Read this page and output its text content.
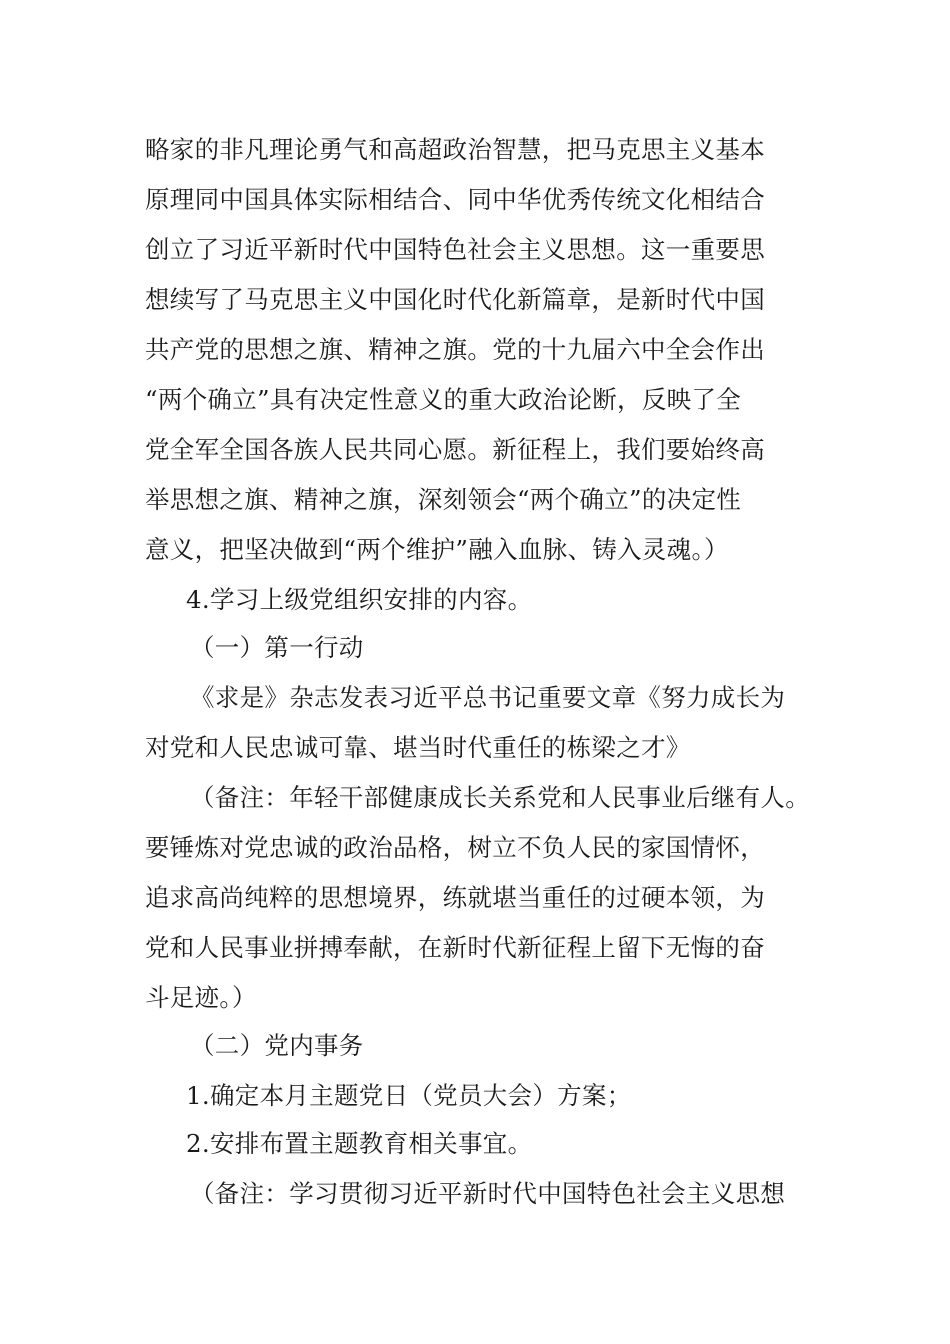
略家的非凡理论勇气和高超政治智慧，把马克思主义基本
原理同中国具体实际相结合、同中华优秀传统文化相结合
创立了习近平新时代中国特色社会主义思想。这一重要思
想续写了马克思主义中国化时代化新篇章，是新时代中国
共产党的思想之旗、精神之旗。党的十九届六中全会作出
“两个确立”具有决定性意义的重大政治论断，反映了全
党全军全国各族人民共同心愿。新征程上，我们要始终高
举思想之旗、精神之旗，深刻领会“两个确立”的决定性
意义，把坚决做到“两个维护”融入血脉、铸入灵魂。）
4.学习上级党组织安排的内容。
（一）第一行动
《求是》杂志发表习近平总书记重要文章《努力成长为
对党和人民忠诚可靠、堪当时代重任的栋梁之才》
（备注：年轻干部健康成长关系党和人民事业后继有人。
要锤炼对党忠诚的政治品格，树立不负人民的家国情怀，
追求高尚纯粹的思想境界，练就堪当重任的过硬本领，为
党和人民事业拼搏奉献，在新时代新征程上留下无悔的奋
斗足迹。）
（二）党内事务
1.确定本月主题党日（党员大会）方案；
2.安排布置主题教育相关事宜。
（备注：学习贯彻习近平新时代中国特色社会主义思想
